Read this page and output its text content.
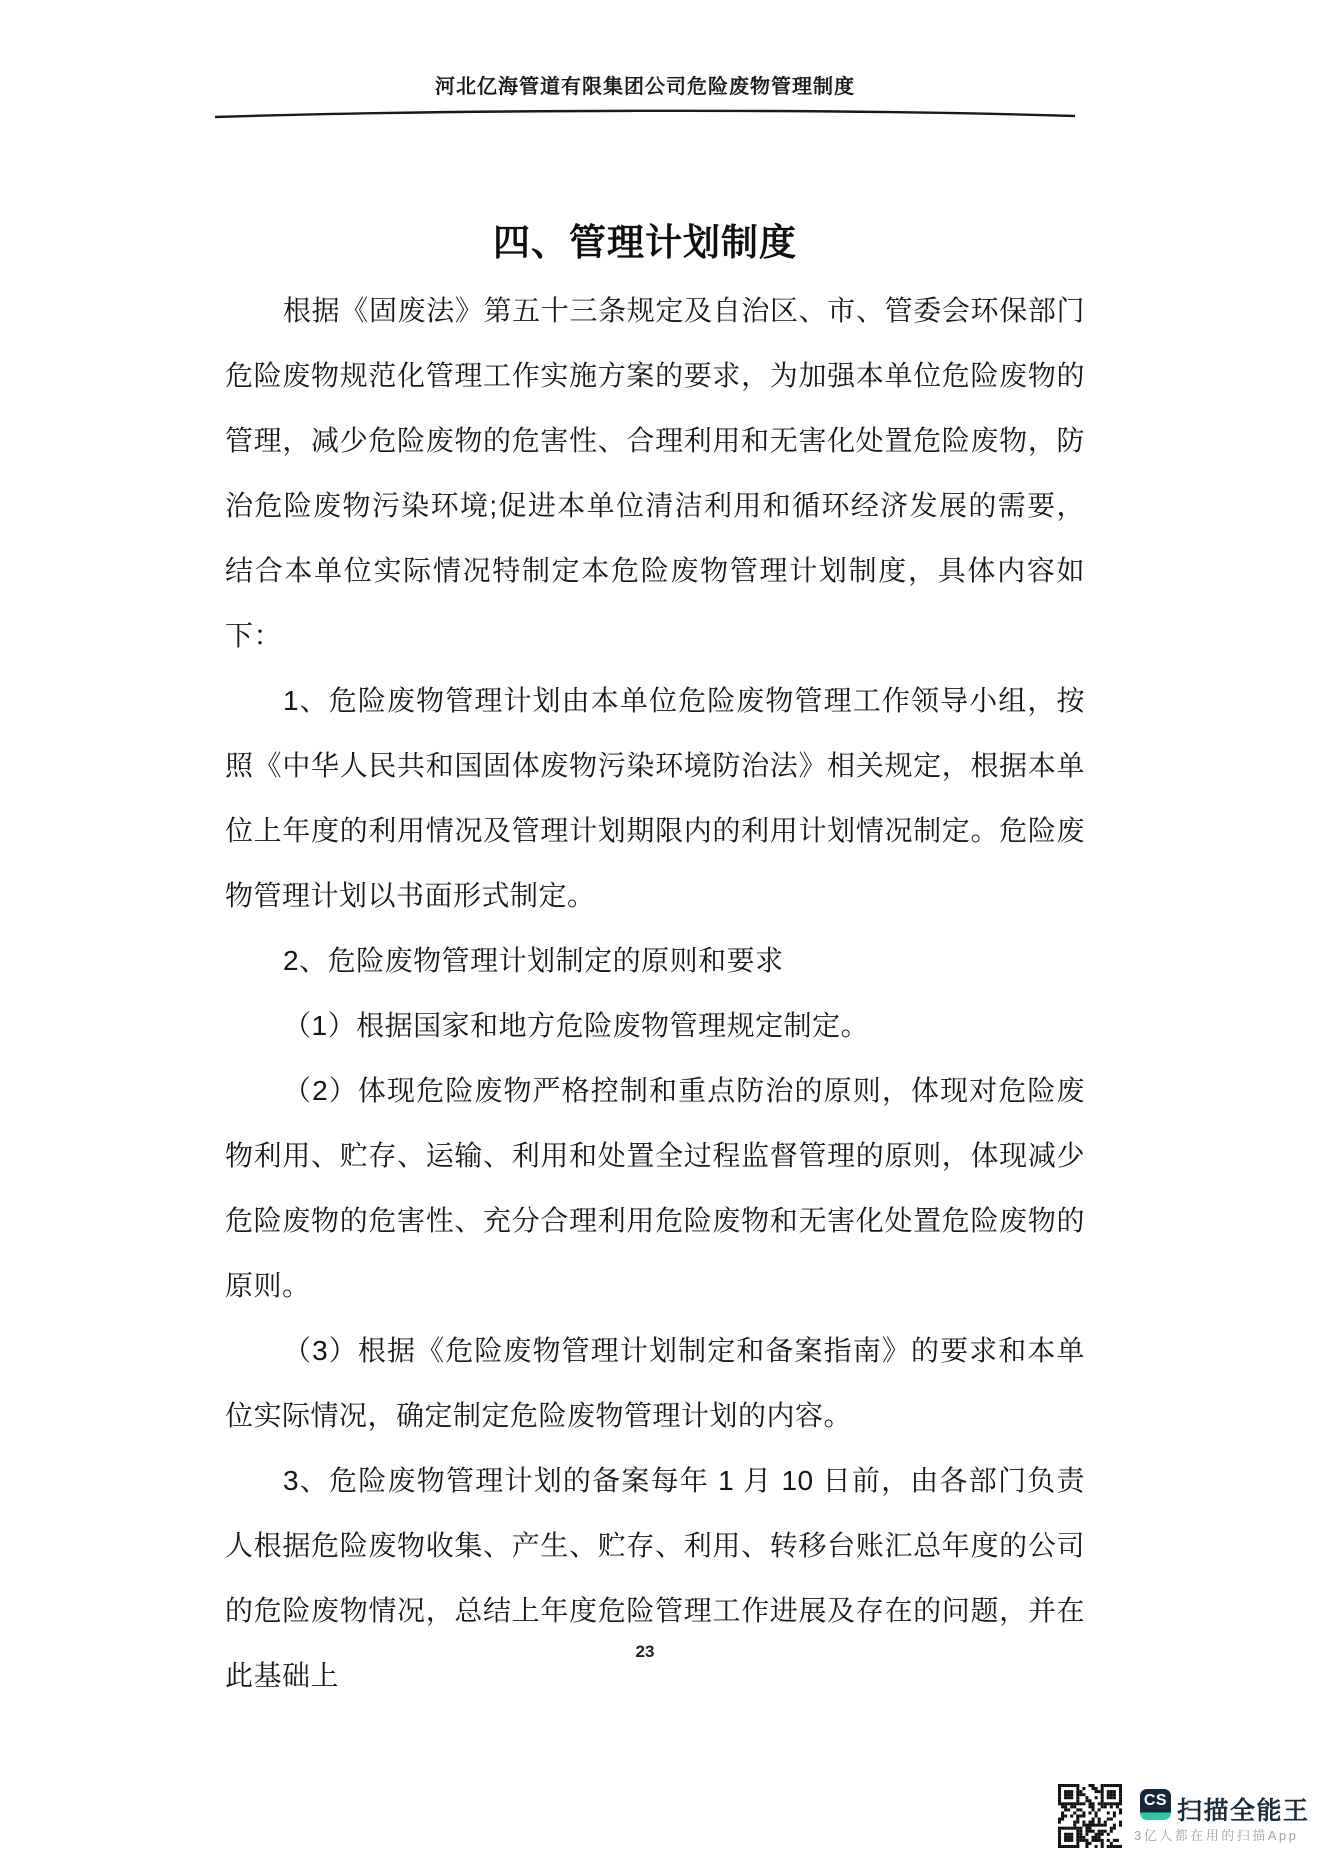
河北亿海管道有限集团公司危险废物管理制度
四、管理计划制度

根据《固废法》第五十三条规定及自治区、市、管委会环保部门危险废物规范化管理工作实施方案的要求，为加强本单位危险废物的管理，减少危险废物的危害性、合理利用和无害化处置危险废物，防治危险废物污染环境;促进本单位清洁利用和循环经济发展的需要，结合本单位实际情况特制定本危险废物管理计划制度，具体内容如下：

1、危险废物管理计划由本单位危险废物管理工作领导小组，按照《中华人民共和国固体废物污染环境防治法》相关规定，根据本单位上年度的利用情况及管理计划期限内的利用计划情况制定。危险废物管理计划以书面形式制定。

2、危险废物管理计划制定的原则和要求

（1）根据国家和地方危险废物管理规定制定。

（2）体现危险废物严格控制和重点防治的原则，体现对危险废物利用、贮存、运输、利用和处置全过程监督管理的原则，体现减少危险废物的危害性、充分合理利用危险废物和无害化处置危险废物的原则。

（3）根据《危险废物管理计划制定和备案指南》的要求和本单位实际情况，确定制定危险废物管理计划的内容。

3、危险废物管理计划的备案每年 1 月 10 日前，由各部门负责人根据危险废物收集、产生、贮存、利用、转移台账汇总年度的公司的危险废物情况，总结上年度危险管理工作进展及存在的问题，并在此基础上

23
CS 扫描全能王
3亿人都在用的扫描App
